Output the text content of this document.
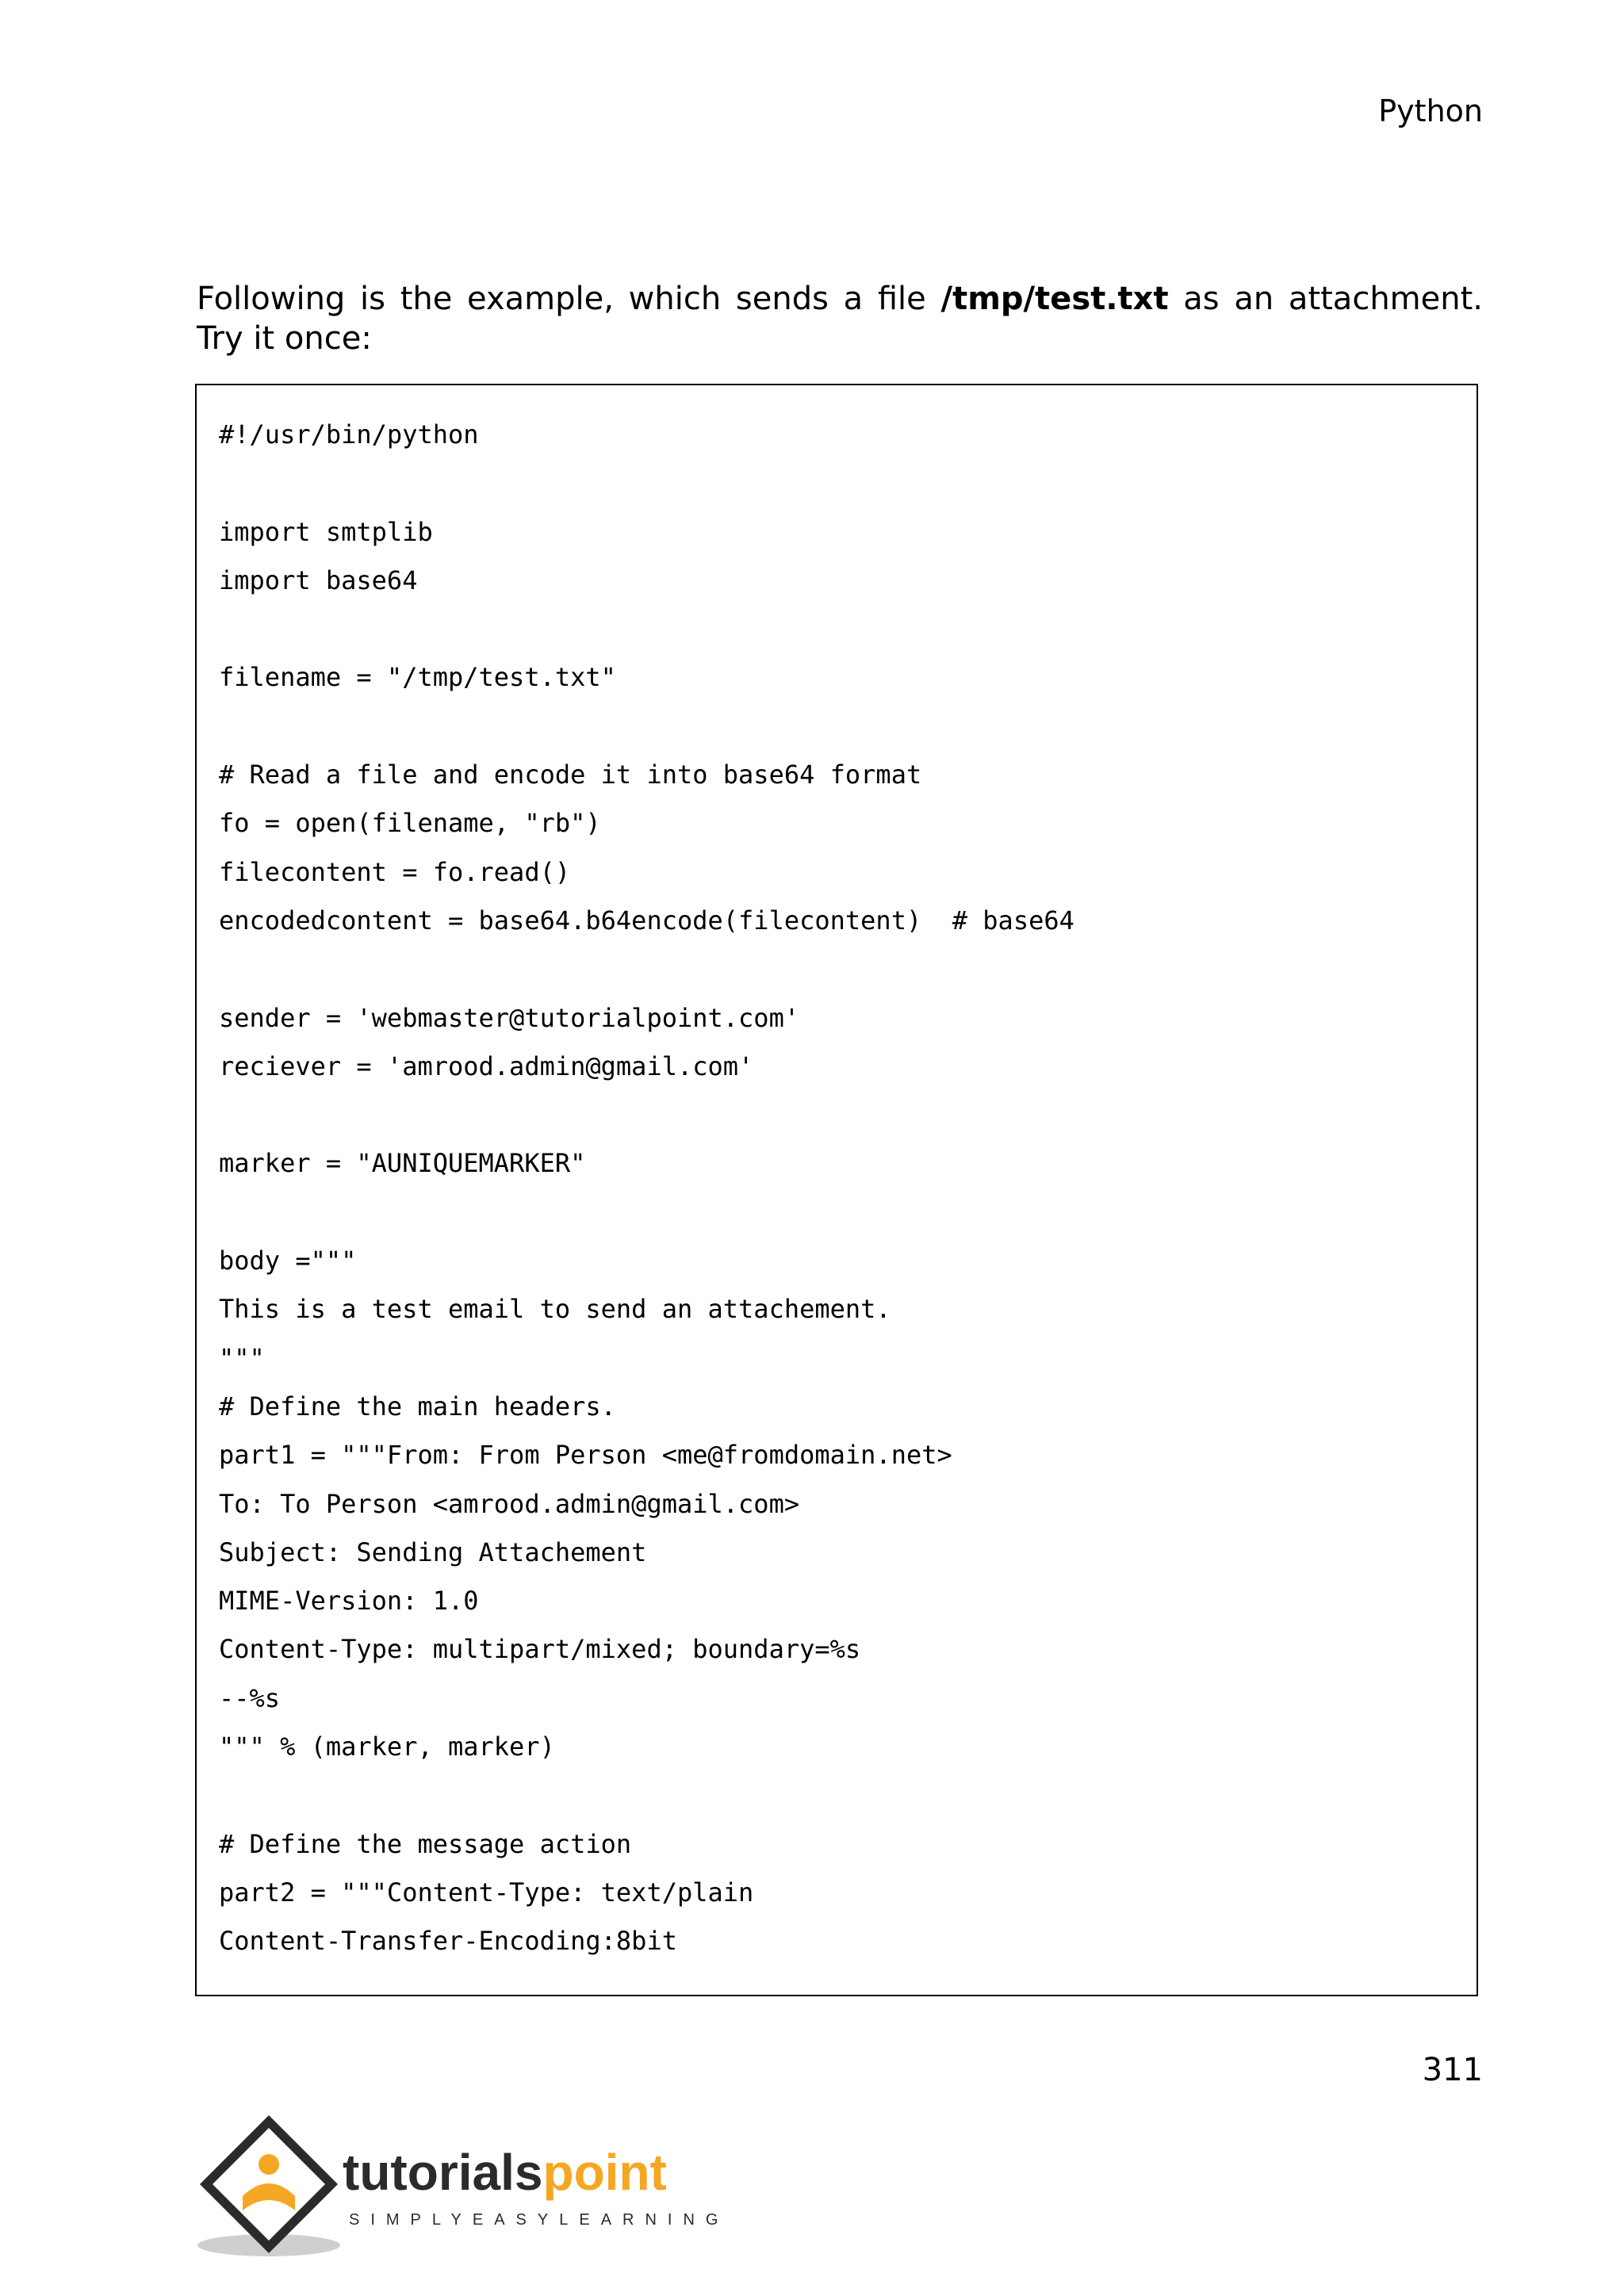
Python
Following is the example, which sends a file /tmp/test.txt as an attachment. Try it once:
#!/usr/bin/python
import smtplib
import base64
filename = "/tmp/test.txt"
# Read a file and encode it into base64 format
fo = open(filename, "rb")
filecontent = fo.read()
encodedcontent = base64.b64encode(filecontent)  # base64
sender = 'webmaster@tutorialpoint.com'
reciever = 'amrood.admin@gmail.com'
marker = "AUNIQUEMARKER"
body ="""
This is a test email to send an attachement.
"""
# Define the main headers.
part1 = """From: From Person <me@fromdomain.net>
To: To Person <amrood.admin@gmail.com>
Subject: Sending Attachement
MIME-Version: 1.0
Content-Type: multipart/mixed; boundary=%s
--%s
""" % (marker, marker)
# Define the message action
part2 = """Content-Type: text/plain
Content-Transfer-Encoding:8bit
311
tutorialspoint
SIMPLYEASYLEARNING
